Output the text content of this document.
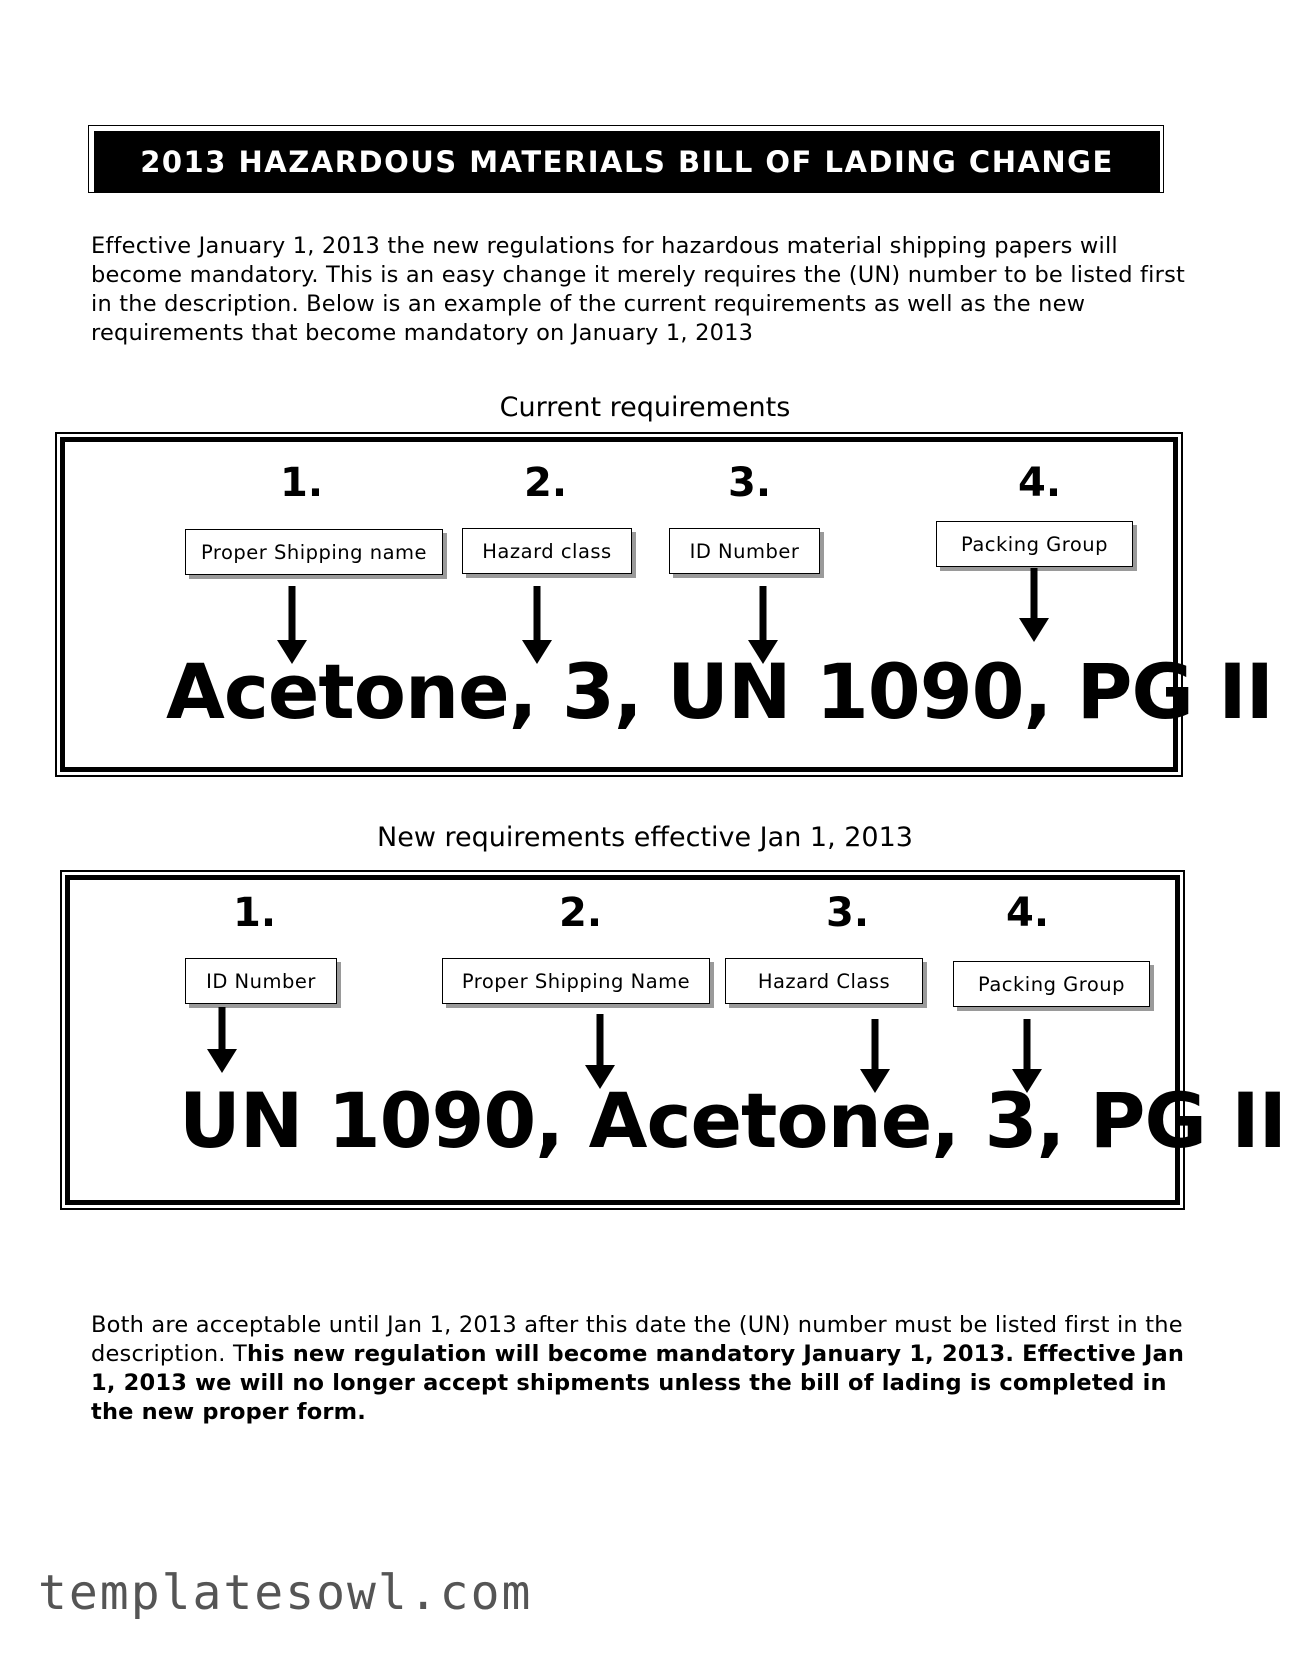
2013 HAZARDOUS MATERIALS BILL OF LADING CHANGE

Effective January 1, 2013 the new regulations for hazardous material shipping papers will become mandatory. This is an easy change it merely requires the (UN) number to be listed first in the description. Below is an example of the current requirements as well as the new requirements that become mandatory on January 1, 2013

Current requirements
1.	2.	3.	4.
Proper Shipping name	Hazard class	ID Number	Packing Group
Acetone, 3, UN 1090, PG II
New requirements effective Jan 1, 2013
1.	2.	3.	4.
ID Number	Proper Shipping Name	Hazard Class	Packing Group
UN 1090, Acetone, 3, PG II

Both are acceptable until Jan 1, 2013 after this date the (UN) number must be listed first in the description. This new regulation will become mandatory January 1, 2013. Effective Jan 1, 2013 we will no longer accept shipments unless the bill of lading is completed in the new proper form.

templatesowl.com
